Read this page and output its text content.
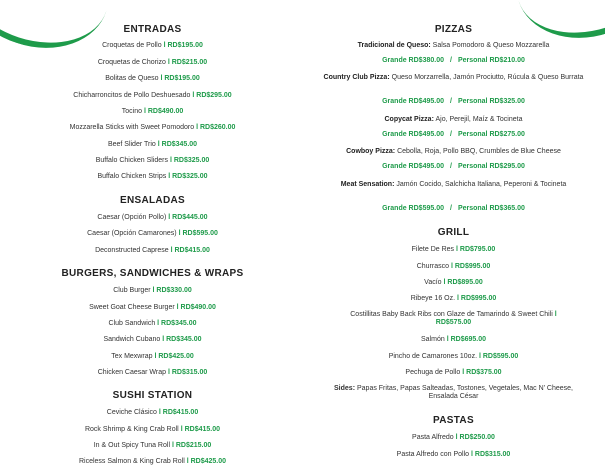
ENTRADAS
Croquetas de Pollo l RD$195.00
Croquetas de Chorizo l RD$215.00
Bolitas de Queso l RD$195.00
Chicharroncitos de Pollo Deshuesado l RD$295.00
Tocino l RD$490.00
Mozzarella Sticks with Sweet Pomodoro l RD$260.00
Beef Slider Trio l RD$345.00
Buffalo Chicken Sliders l RD$325.00
Buffalo Chicken Strips l RD$325.00
ENSALADAS
Caesar (Opción Pollo) l RD$445.00
Caesar (Opción Camarones) l RD$595.00
Deconstructed Caprese l RD$415.00
BURGERS, SANDWICHES & WRAPS
Club Burger l RD$330.00
Sweet Goat Cheese Burger l RD$490.00
Club Sandwich l RD$345.00
Sandwich Cubano l RD$345.00
Tex Mexwrap l RD$425.00
Chicken Caesar Wrap l RD$315.00
SUSHI STATION
Ceviche Clásico l RD$415.00
Rock Shrimp & King Crab Roll l RD$415.00
In & Out Spicy Tuna Roll l RD$215.00
Riceless Salmon & King Crab Roll l RD$425.00
PIZZAS
Tradicional de Queso: Salsa Pomodoro & Queso Mozzarella
Grande RD$380.00 / Personal RD$210.00
Country Club Pizza: Queso Morzarrella, Jamón Prociutto, Rúcula & Queso Burrata
Grande RD$495.00 / Personal RD$325.00
Copycat Pizza: Ajo, Perejil, Maíz & Tocineta
Grande RD$495.00 / Personal RD$275.00
Cowboy Pizza: Cebolla, Roja, Pollo BBQ, Crumbles de Blue Cheese
Grande RD$495.00 / Personal RD$295.00
Meat Sensation: Jamón Cocido, Salchicha Italiana, Peperoni & Tocineta
Grande RD$595.00 / Personal RD$365.00
GRILL
Filete De Res l RD$795.00
Churrasco l RD$995.00
Vacío l RD$895.00
Ribeye 16 Oz. l RD$995.00
Costillitas Baby Back Ribs con Glaze de Tamarindo & Sweet Chili l RD$575.00
Salmón l RD$695.00
Pincho de Camarones 10oz. l RD$595.00
Pechuga de Pollo l RD$375.00
Sides: Papas Fritas, Papas Salteadas, Tostones, Vegetales, Mac N' Cheese, Ensalada César
PASTAS
Pasta Alfredo l RD$250.00
Pasta Alfredo con Pollo l RD$315.00
